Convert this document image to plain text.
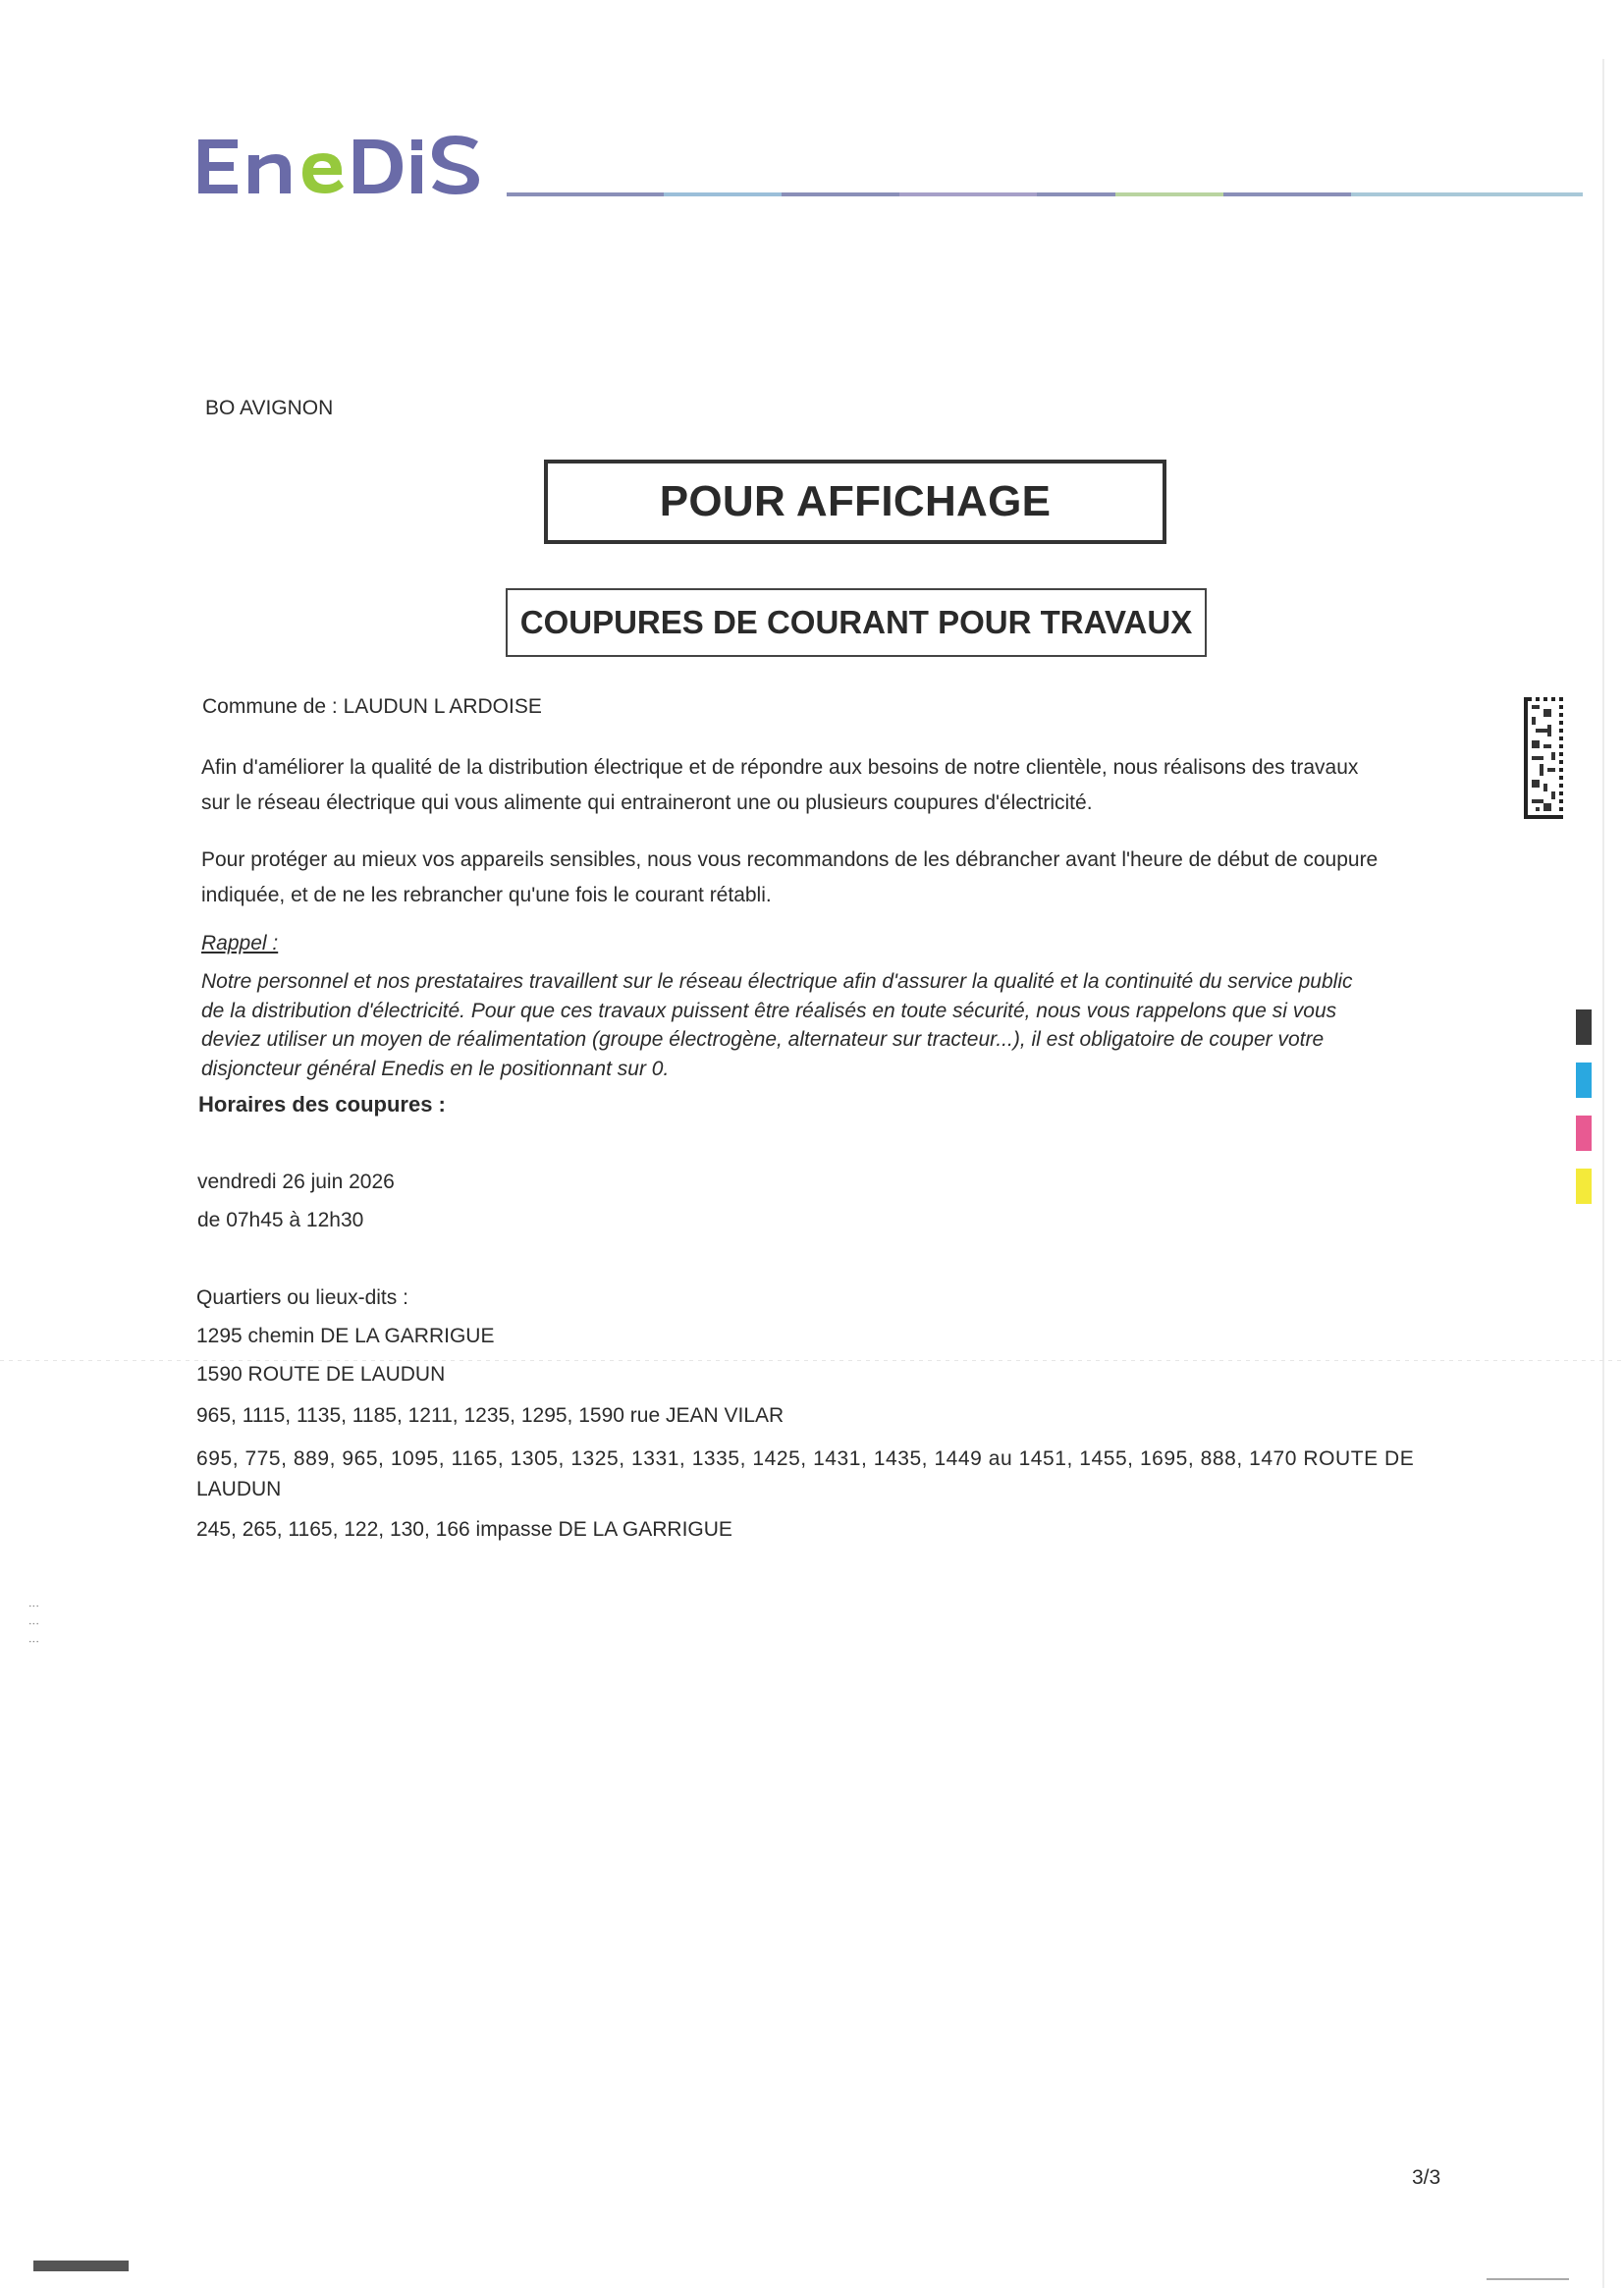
BO AVIGNON
POUR AFFICHAGE
COUPURES DE COURANT POUR TRAVAUX
Commune de : LAUDUN L ARDOISE
Afin d'améliorer la qualité de la distribution électrique et de répondre aux besoins de notre clientèle, nous réalisons des travaux
sur le réseau électrique qui vous alimente qui entraineront une ou plusieurs coupures d'électricité.
Pour protéger au mieux vos appareils sensibles, nous vous recommandons de les débrancher avant l'heure de début de coupure
indiquée, et de ne les rebrancher qu'une fois le courant rétabli.
Rappel :
Notre personnel et nos prestataires travaillent sur le réseau électrique afin d'assurer la qualité et la continuité du service public
de la distribution d'électricité. Pour que ces travaux puissent être réalisés en toute sécurité, nous vous rappelons que si vous
deviez utiliser un moyen de réalimentation (groupe électrogène, alternateur sur tracteur...), il est obligatoire de couper votre
disjoncteur général Enedis en le positionnant sur 0.
Horaires des coupures :
vendredi 26 juin 2026
de 07h45 à 12h30
Quartiers ou lieux-dits :
1295 chemin DE LA GARRIGUE
1590 ROUTE DE LAUDUN
965, 1115, 1135, 1185, 1211, 1235, 1295, 1590 rue JEAN VILAR
695, 775, 889, 965, 1095, 1165, 1305, 1325, 1331, 1335, 1425, 1431, 1435, 1449 au 1451, 1455, 1695, 888, 1470 ROUTE DE
LAUDUN
245, 265, 1165, 122, 130, 166 impasse DE LA GARRIGUE
⋮ ⋮ ⋮
3/3
